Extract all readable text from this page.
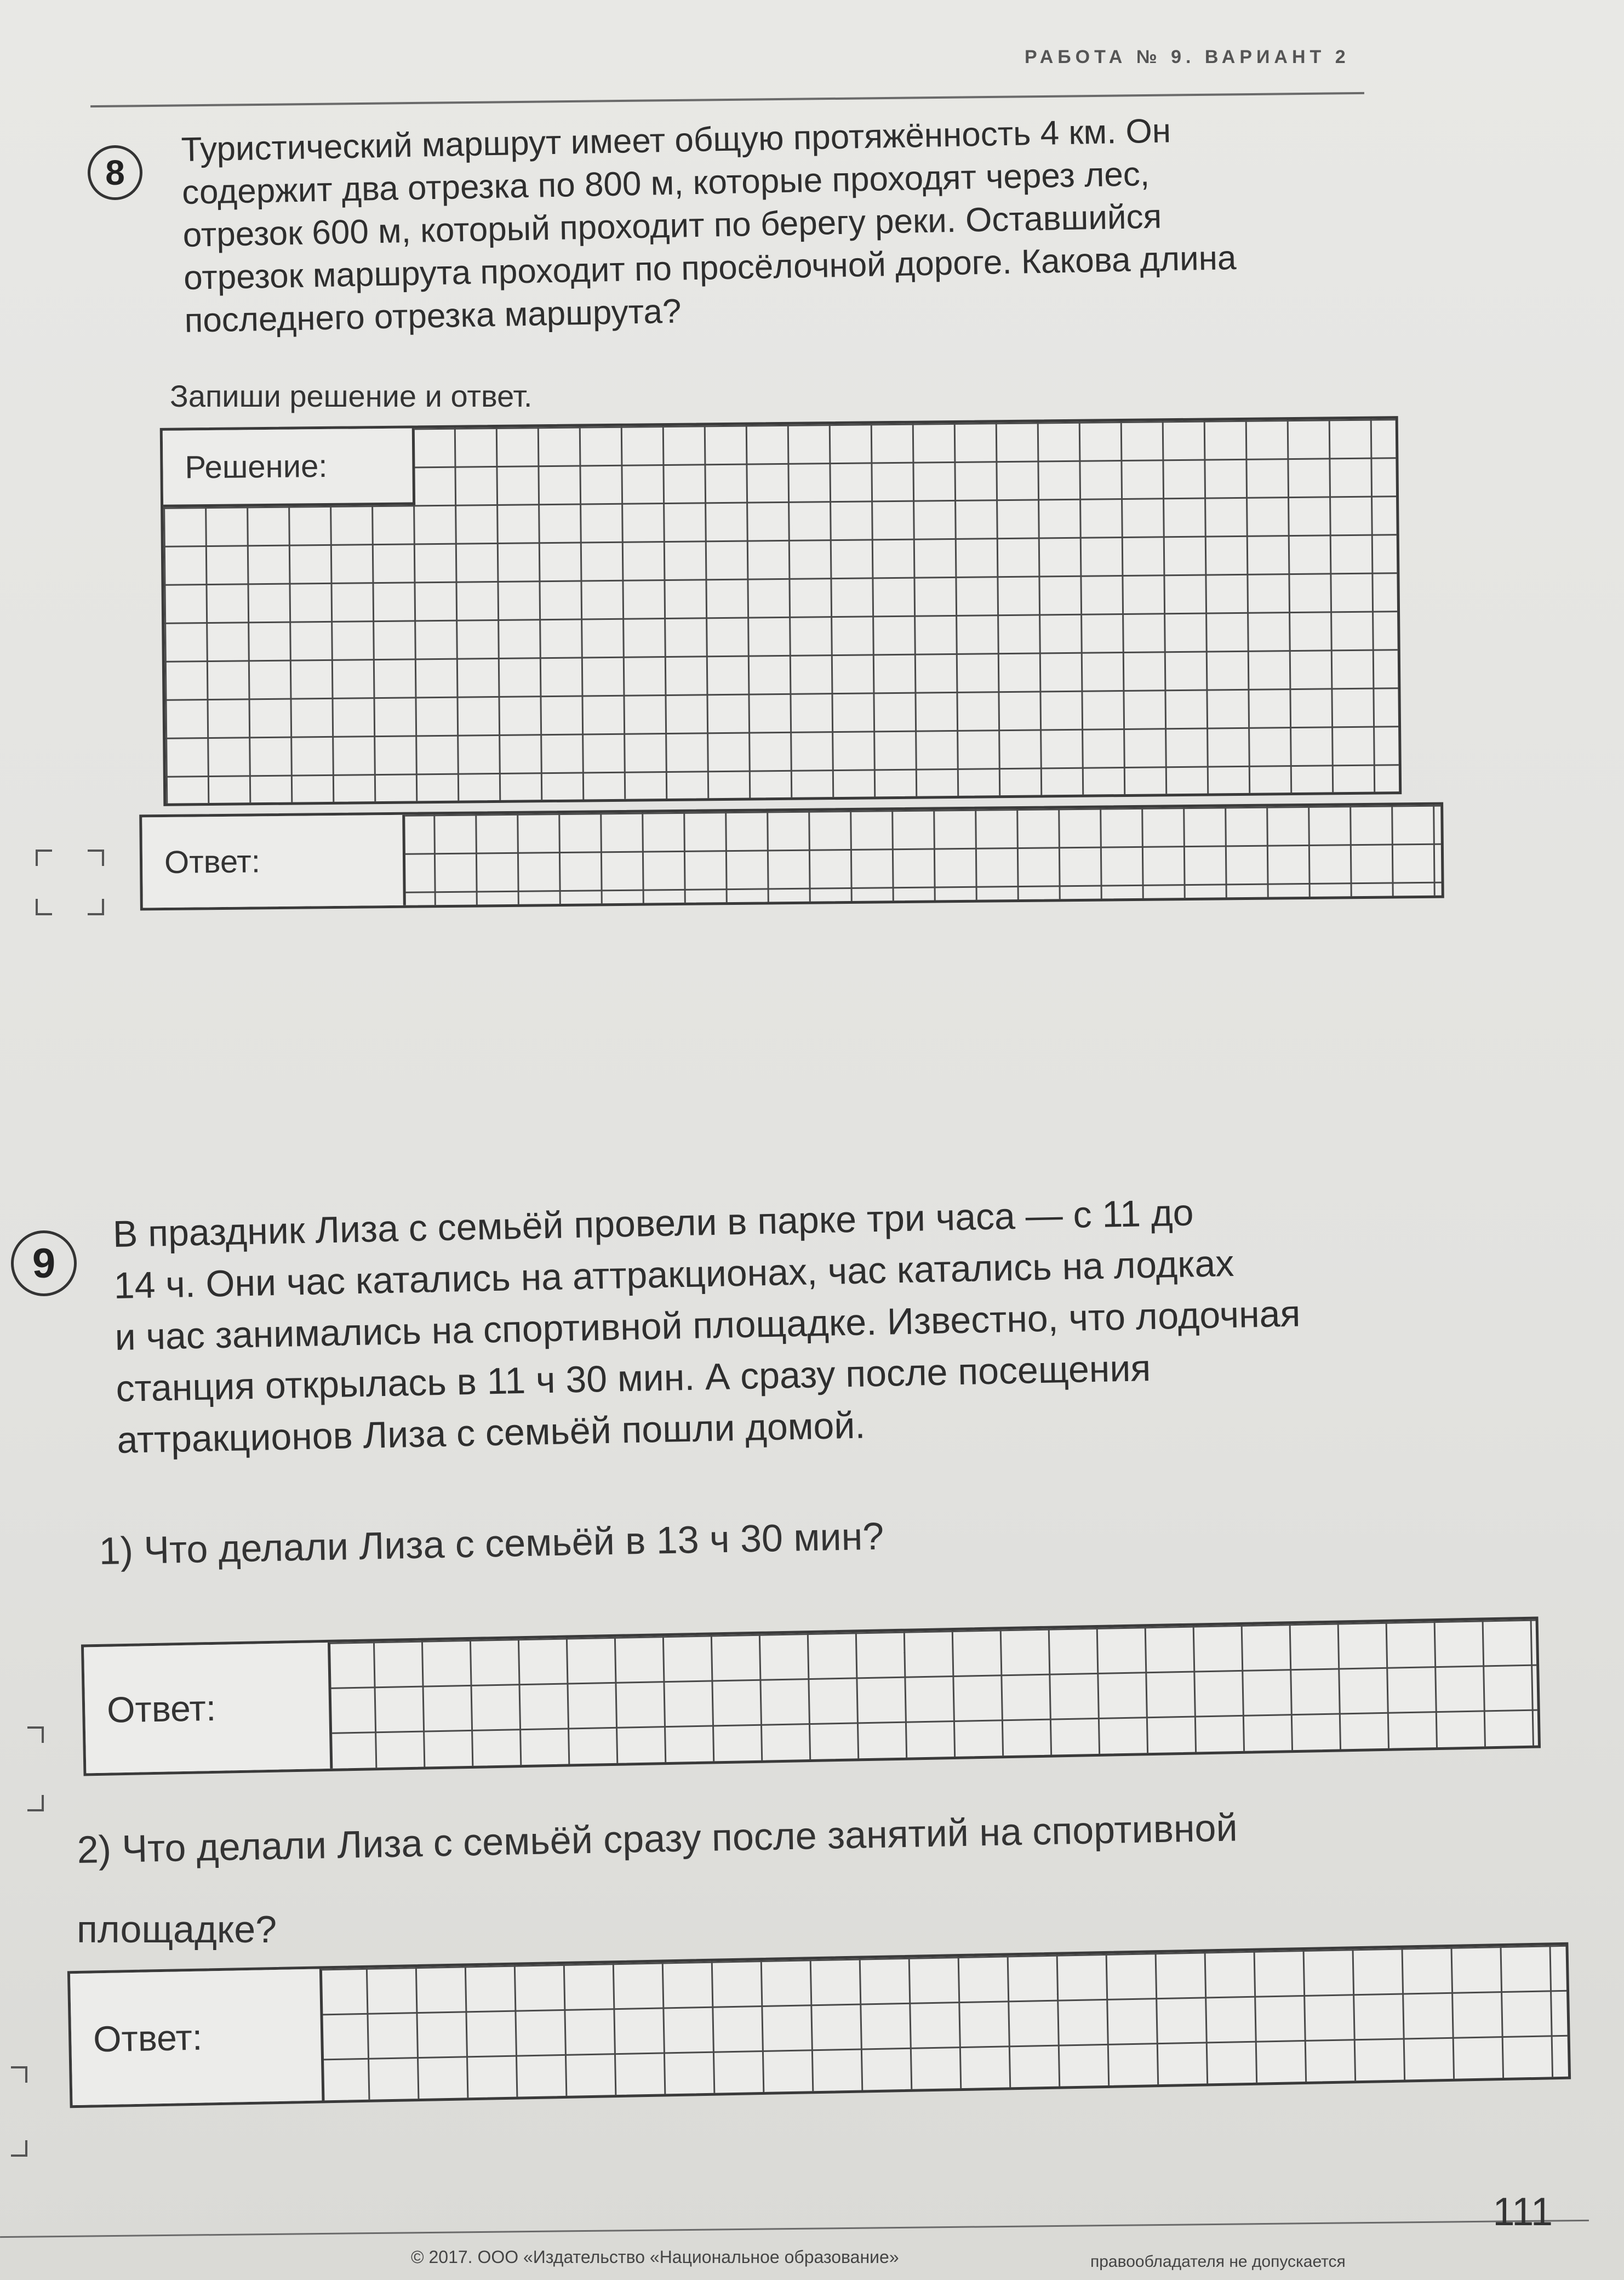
РАБОТА № 9. ВАРИАНТ 2
8
Туристический маршрут имеет общую протяжённость 4 км. Он
содержит два отрезка по 800 м, которые проходят через лес,
отрезок 600 м, который проходит по берегу реки. Оставшийся
отрезок маршрута проходит по просёлочной дороге. Какова длина
последнего отрезка маршрута?
Запиши решение и ответ.
Решение:
Ответ:
9
В праздник Лиза с семьёй провели в парке три часа — с 11 до
14 ч. Они час катались на аттракционах, час катались на лодках
и час занимались на спортивной площадке. Известно, что лодочная
станция открылась в 11 ч 30 мин. А сразу после посещения
аттракционов Лиза с семьёй пошли домой.
1) Что делали Лиза с семьёй в 13 ч 30 мин?
Ответ:
2) Что делали Лиза с семьёй сразу после занятий на спортивной
площадке?
Ответ:
111
© 2017. ООО «Издательство «Национальное образование»	правообладателя не допускается
